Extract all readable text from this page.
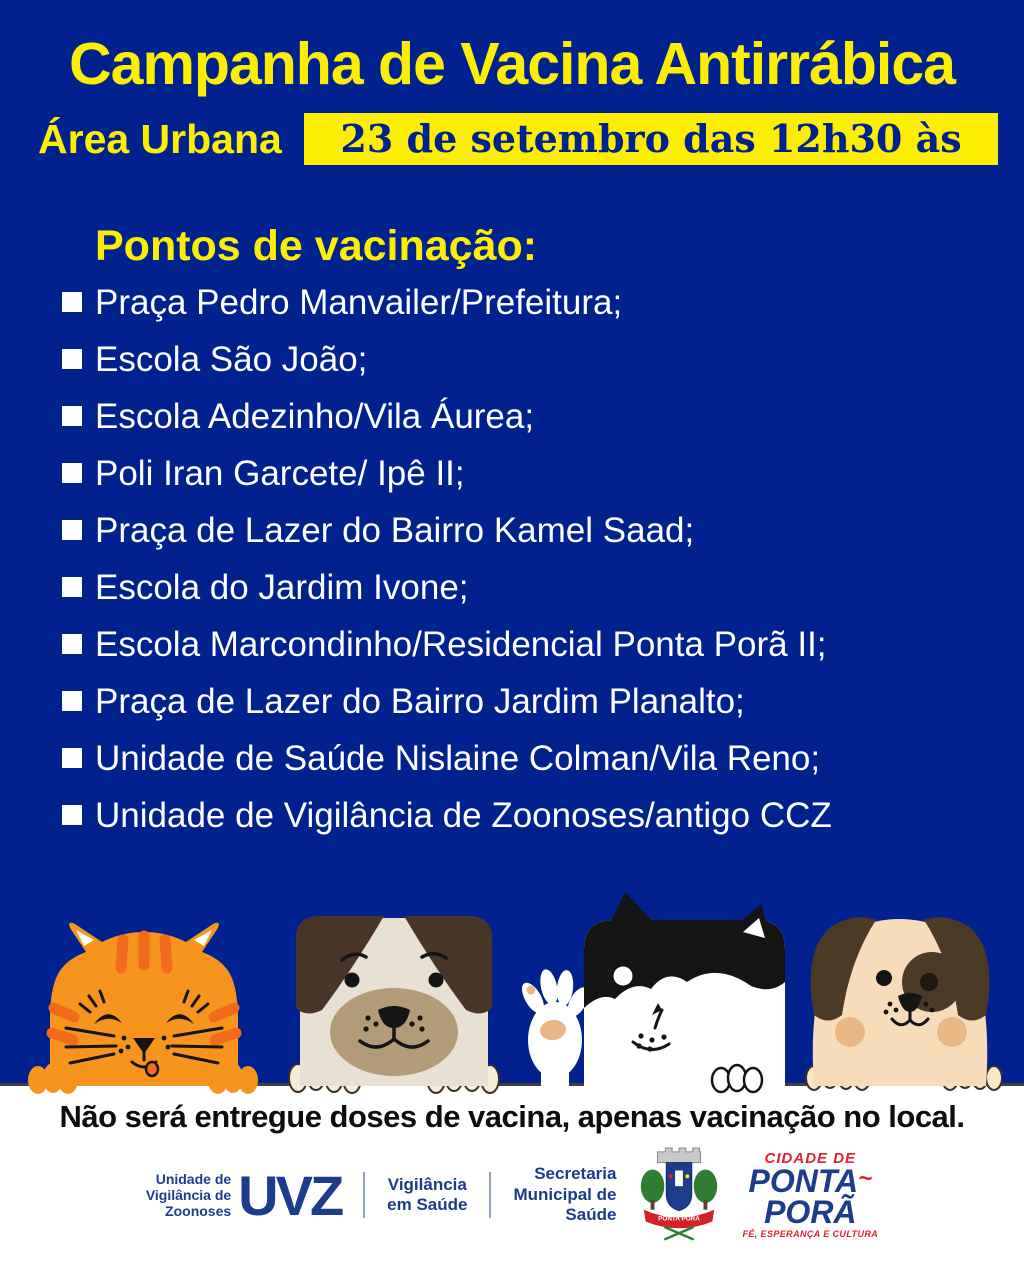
Campanha de Vacina Antirrábica
Área Urbana	23 de setembro das 12h30 às 18h
Pontos de vacinação:
Praça Pedro Manvailer/Prefeitura;
Escola São João;
Escola Adezinho/Vila Áurea;
Poli Iran Garcete/ Ipê II;
Praça de Lazer do Bairro Kamel Saad;
Escola do Jardim Ivone;
Escola Marcondinho/Residencial Ponta Porã II;
Praça de Lazer do Bairro Jardim Planalto;
Unidade de Saúde Nislaine Colman/Vila Reno;
Unidade de Vigilância de Zoonoses/antigo CCZ
Não será entregue doses de vacina, apenas vacinação no local.
Unidade de
Vigilância de
Zoonoses UVZ	Vigilância
em Saúde
Secretaria
Municipal de
Saúde	PONTA PORÃ
CIDADE DE
PONTA~
PORÃ
FÉ, ESPERANÇA E CULTURA
